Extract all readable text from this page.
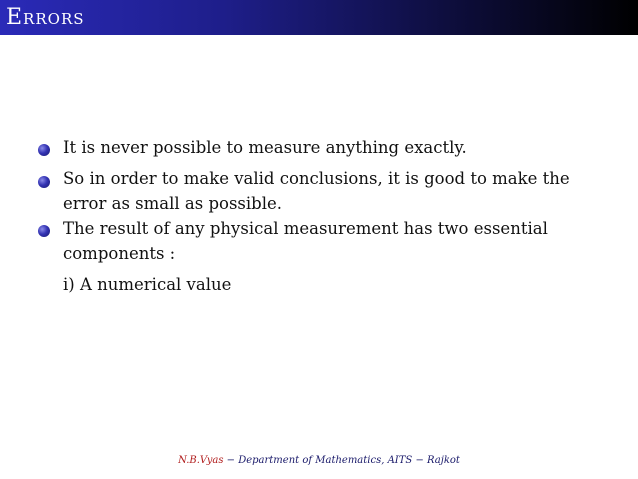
Errors
It is never possible to measure anything exactly.
So in order to make valid conclusions, it is good to make the
error as small as possible.
The result of any physical measurement has two essential
components :
i) A numerical value
N.B.Vyas − Department of Mathematics, AITS − Rajkot
